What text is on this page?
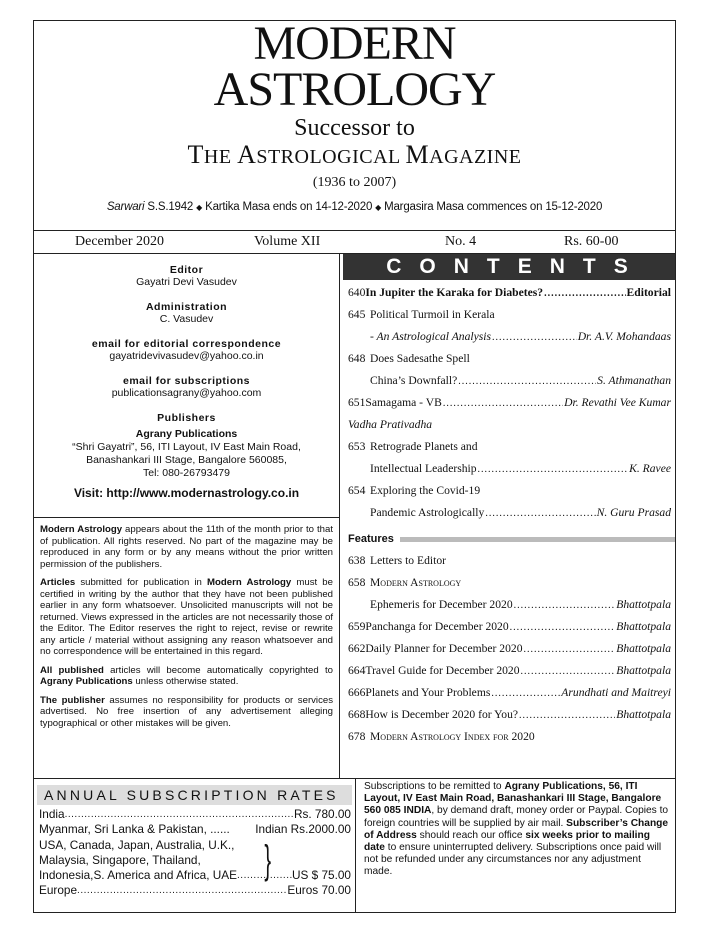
MODERN
ASTROLOGY
Successor to
THE ASTROLOGICAL MAGAZINE
(1936 to 2007)
Sarwari S.S.1942 ◆ Kartika Masa ends on 14-12-2020 ◆ Margasira Masa commences on 15-12-2020
December 2020	Volume XII	No. 4	Rs. 60-00
Editor
Gayatri Devi Vasudev
Administration
C. Vasudev
email for editorial correspondence
gayatridevivasudev@yahoo.co.in
email for subscriptions
publicationsagrany@yahoo.com
Publishers
Agrany Publications
“Shri Gayatri”, 56, ITI Layout, IV East Main Road,
Banashankari III Stage, Bangalore 560085,
Tel: 080-26793479
Visit: http://www.modernastrology.co.in

Modern Astrology appears about the 11th of the month prior to that of publication. All rights reserved. No part of the magazine may be reproduced in any form or by any means without the prior written permission of the publishers.

Articles submitted for publication in Modern Astrology must be certified in writing by the author that they have not been published earlier in any form whatsoever. Unsolicited manuscripts will not be returned. Views expressed in the articles are not necessarily those of the Editor. The Editor reserves the right to reject, revise or rewrite any article / material without assigning any reason whatsoever and no correspondence will be entertained in this regard.

All published articles will become automatically copyrighted to Agrany Publications unless otherwise stated.

The publisher assumes no responsibility for products or services advertised. No free insertion of any advertisement alleging typographical or other mistakes will be given.

CONTENTS
640 In Jupiter the Karaka for Diabetes? .....	Editorial
645 Political Turmoil in Kerala
- An Astrological Analysis .....	Dr. A.V. Mohandaas
648 Does Sadesathe Spell
China’s Downfall? .....	S. Athmanathan
651 Samagama - VB .....	Dr. Revathi Vee Kumar
Vadha Prativadha
653 Retrograde Planets and
Intellectual Leadership .....	K. Ravee
654 Exploring the Covid-19
Pandemic Astrologically .....	N. Guru Prasad
Features
638 Letters to Editor
658 Modern Astrology
Ephemeris for December 2020 .....	Bhattotpala
659 Panchanga for December 2020 .....	Bhattotpala
662 Daily Planner for December 2020 .....	Bhattotpala
664 Travel Guide for December 2020 .....	Bhattotpala
666 Planets and Your Problems .....	Arundhati and Maitreyi
668 How is December 2020 for You? .....	Bhattotpala
678 Modern Astrology Index for 2020
ANNUAL SUBSCRIPTION RATES
India .....	Rs. 780.00
Myanmar, Sri Lanka & Pakistan, ...... Indian Rs.2000.00
USA, Canada, Japan, Australia, U.K.,
Malaysia, Singapore, Thailand,
Indonesia,S. America and Africa, UAE .....	US $ 75.00
}
Europe .....	Euros 70.00
Subscriptions to be remitted to Agrany Publications, 56, ITI Layout, IV East Main Road, Banashankari III Stage, Bangalore 560 085 INDIA, by demand draft, money order or Paypal. Copies to foreign countries will be supplied by air mail. Subscriber’s Change of Address should reach our office six weeks prior to mailing date to ensure uninterrupted delivery. Subscriptions once paid will not be refunded under any circumstances nor any adjustment made.
